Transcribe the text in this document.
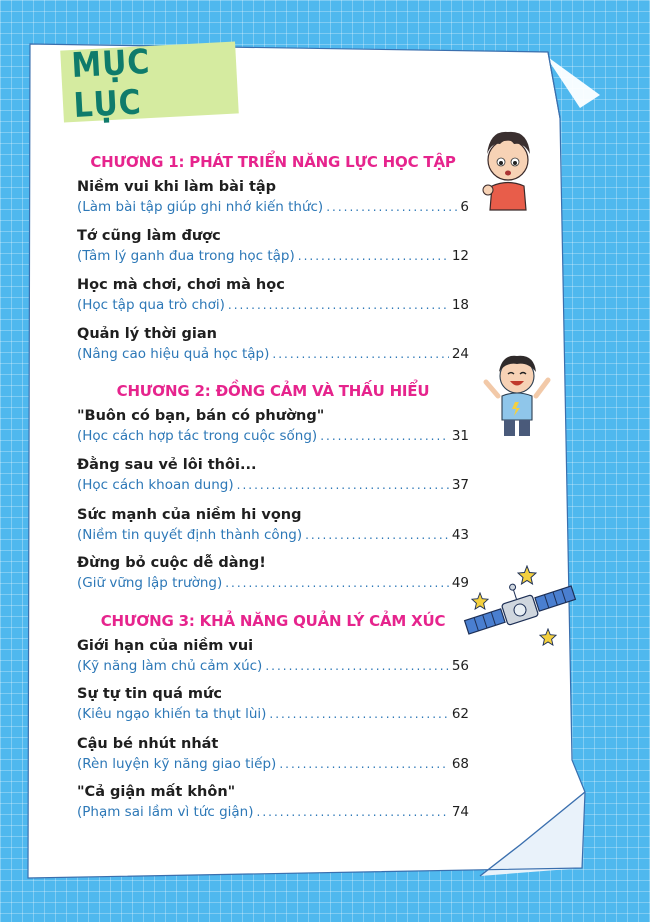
MỤC LỤC
CHƯƠNG 1: PHÁT TRIỂN NĂNG LỰC HỌC TẬP
Niềm vui khi làm bài tập
(Làm bài tập giúp ghi nhớ kiến thức) .....	6
Tớ cũng làm được
(Tâm lý ganh đua trong học tập) .....	12
Học mà chơi, chơi mà học
(Học tập qua trò chơi) .....	18
Quản lý thời gian
(Nâng cao hiệu quả học tập) .....	24
CHƯƠNG 2: ĐỒNG CẢM VÀ THẤU HIỂU
"Buôn có bạn, bán có phường"
(Học cách hợp tác trong cuộc sống) .....	31
Đằng sau vẻ lôi thôi...
(Học cách khoan dung) .....	37
Sức mạnh của niềm hi vọng
(Niềm tin quyết định thành công) .....	43
Đừng bỏ cuộc dễ dàng!
(Giữ vững lập trường) .....	49
CHƯƠNG 3: KHẢ NĂNG QUẢN LÝ CẢM XÚC
Giới hạn của niềm vui
(Kỹ năng làm chủ cảm xúc) .....	56
Sự tự tin quá mức
(Kiêu ngạo khiến ta thụt lùi) .....	62
Cậu bé nhút nhát
(Rèn luyện kỹ năng giao tiếp) .....	68
"Cả giận mất khôn"
(Phạm sai lầm vì tức giận) .....	74
